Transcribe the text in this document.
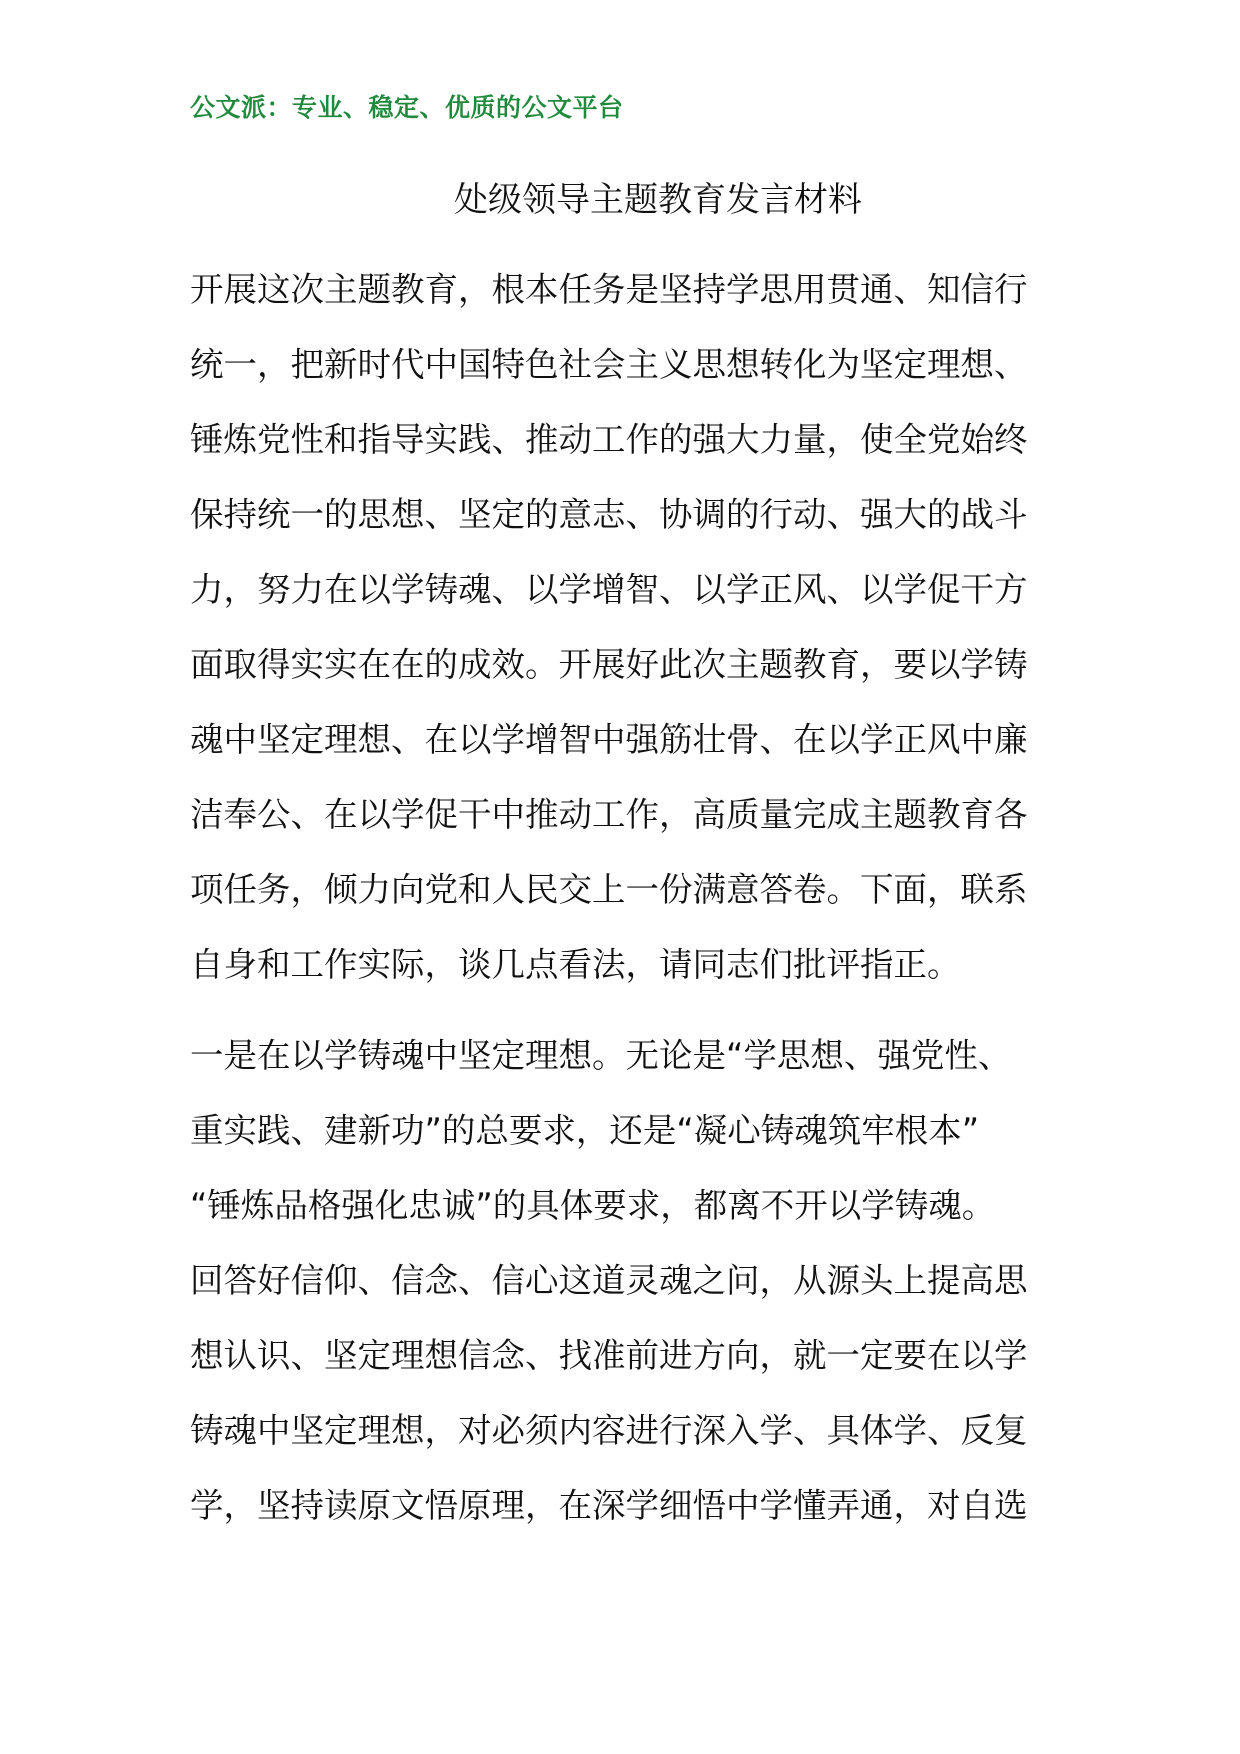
公文派：专业、稳定、优质的公文平台
处级领导主题教育发言材料
开展这次主题教育，根本任务是坚持学思用贯通、知信行
统一，把新时代中国特色社会主义思想转化为坚定理想、
锤炼党性和指导实践、推动工作的强大力量，使全党始终
保持统一的思想、坚定的意志、协调的行动、强大的战斗
力，努力在以学铸魂、以学增智、以学正风、以学促干方
面取得实实在在的成效。开展好此次主题教育，要以学铸
魂中坚定理想、在以学增智中强筋壮骨、在以学正风中廉
洁奉公、在以学促干中推动工作，高质量完成主题教育各
项任务，倾力向党和人民交上一份满意答卷。下面，联系
自身和工作实际，谈几点看法，请同志们批评指正。
一是在以学铸魂中坚定理想。无论是“学思想、强党性、
重实践、建新功”的总要求，还是“凝心铸魂筑牢根本”
“锤炼品格强化忠诚”的具体要求，都离不开以学铸魂。
回答好信仰、信念、信心这道灵魂之问，从源头上提高思
想认识、坚定理想信念、找准前进方向，就一定要在以学
铸魂中坚定理想，对必须内容进行深入学、具体学、反复
学，坚持读原文悟原理，在深学细悟中学懂弄通，对自选
